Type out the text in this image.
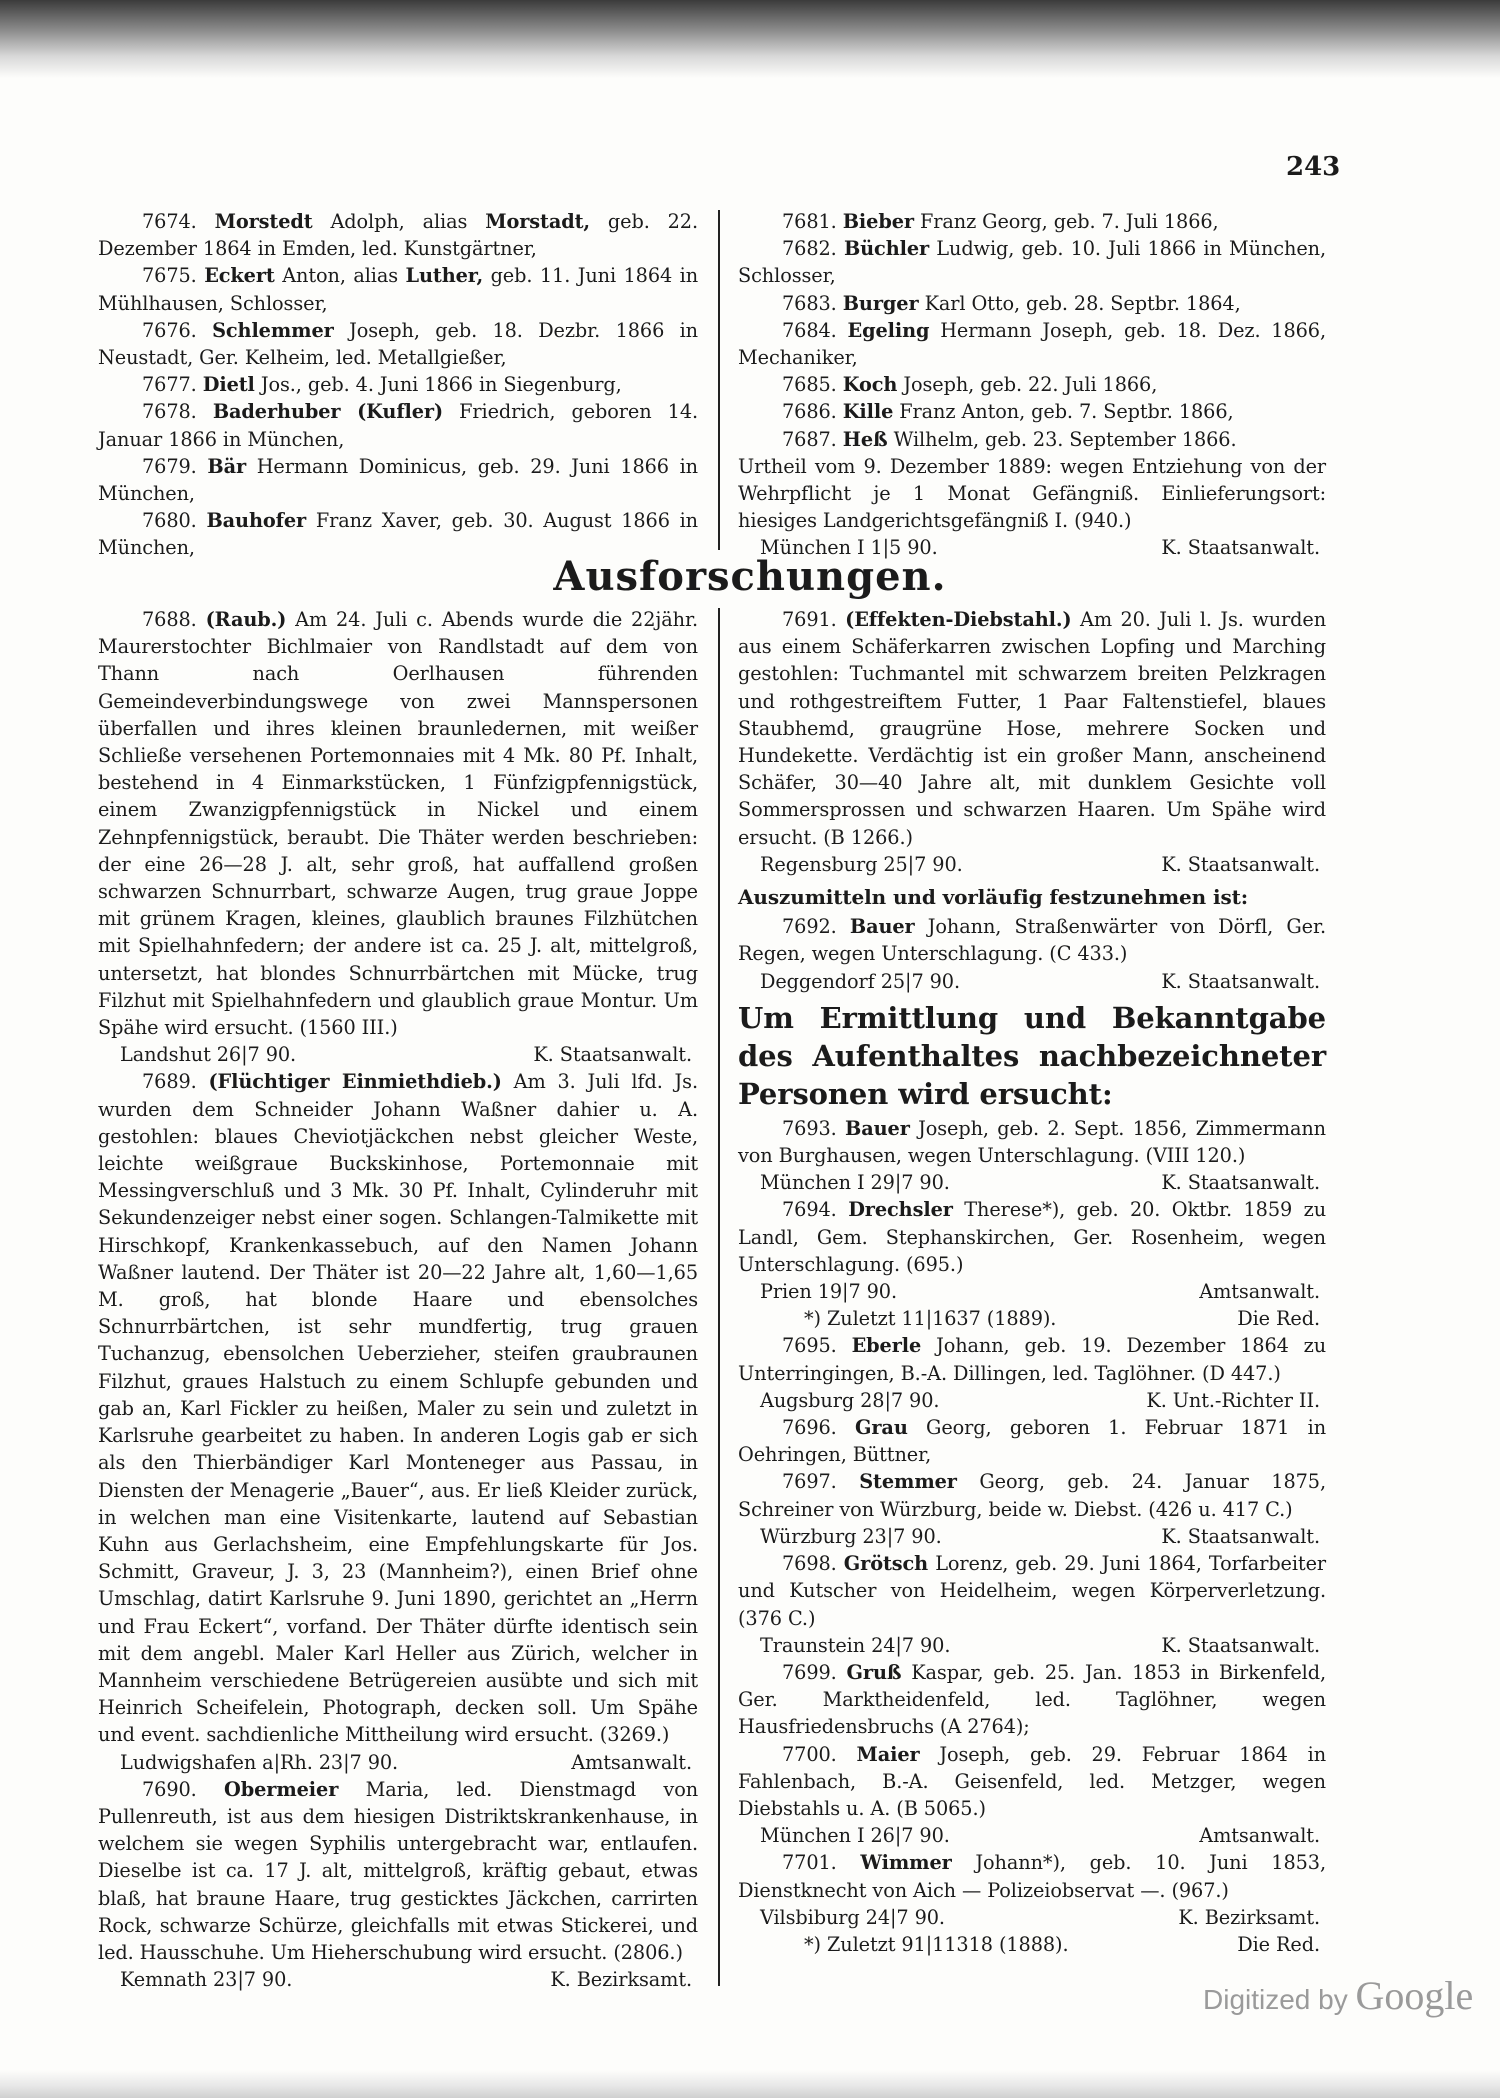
243

7674. Morstedt Adolph, alias Morstadt, geb. 22. Dezember 1864 in Emden, led. Kunstgärtner,

7675. Eckert Anton, alias Luther, geb. 11. Juni 1864 in Mühlhausen, Schlosser,

7676. Schlemmer Joseph, geb. 18. Dezbr. 1866 in Neustadt, Ger. Kelheim, led. Metallgießer,

7677. Dietl Jos., geb. 4. Juni 1866 in Siegenburg,

7678. Baderhuber (Kufler) Friedrich, geboren 14. Januar 1866 in München,

7679. Bär Hermann Dominicus, geb. 29. Juni 1866 in München,

7680. Bauhofer Franz Xaver, geb. 30. August 1866 in München,

7681. Bieber Franz Georg, geb. 7. Juli 1866,

7682. Büchler Ludwig, geb. 10. Juli 1866 in München, Schlosser,

7683. Burger Karl Otto, geb. 28. Septbr. 1864,

7684. Egeling Hermann Joseph, geb. 18. Dez. 1866, Mechaniker,

7685. Koch Joseph, geb. 22. Juli 1866,

7686. Kille Franz Anton, geb. 7. Septbr. 1866,

7687. Heß Wilhelm, geb. 23. September 1866.

Urtheil vom 9. Dezember 1889: wegen Entziehung von der Wehrpflicht je 1 Monat Gefängniß. Einlieferungsort: hiesiges Landgerichtsgefängniß I. (940.)

München I 1|5 90.	K. Staatsanwalt.

Ausforschungen.

7688. (Raub.) Am 24. Juli c. Abends wurde die 22jähr. Maurerstochter Bichlmaier von Randlstadt auf dem von Thann nach Oerlhausen führenden Gemeindeverbindungswege von zwei Mannspersonen überfallen und ihres kleinen braunledernen, mit weißer Schließe versehenen Portemonnaies mit 4 Mk. 80 Pf. Inhalt, bestehend in 4 Einmarkstücken, 1 Fünfzigpfennigstück, einem Zwanzigpfennigstück in Nickel und einem Zehnpfennigstück, beraubt. Die Thäter werden beschrieben: der eine 26—28 J. alt, sehr groß, hat auffallend großen schwarzen Schnurrbart, schwarze Augen, trug graue Joppe mit grünem Kragen, kleines, glaublich braunes Filzhütchen mit Spielhahnfedern; der andere ist ca. 25 J. alt, mittelgroß, untersetzt, hat blondes Schnurrbärtchen mit Mücke, trug Filzhut mit Spielhahnfedern und glaublich graue Montur. Um Spähe wird ersucht. (1560 III.)

Landshut 26|7 90.	K. Staatsanwalt.

7689. (Flüchtiger Einmiethdieb.) Am 3. Juli lfd. Js. wurden dem Schneider Johann Waßner dahier u. A. gestohlen: blaues Cheviotjäckchen nebst gleicher Weste, leichte weißgraue Buckskinhose, Portemonnaie mit Messingverschluß und 3 Mk. 30 Pf. Inhalt, Cylinderuhr mit Sekundenzeiger nebst einer sogen. Schlangen-Talmikette mit Hirschkopf, Krankenkassebuch, auf den Namen Johann Waßner lautend. Der Thäter ist 20—22 Jahre alt, 1,60—1,65 M. groß, hat blonde Haare und ebensolches Schnurrbärtchen, ist sehr mundfertig, trug grauen Tuchanzug, ebensolchen Ueberzieher, steifen graubraunen Filzhut, graues Halstuch zu einem Schlupfe gebunden und gab an, Karl Fickler zu heißen, Maler zu sein und zuletzt in Karlsruhe gearbeitet zu haben. In anderen Logis gab er sich als den Thierbändiger Karl Monteneger aus Passau, in Diensten der Menagerie „Bauer“, aus. Er ließ Kleider zurück, in welchen man eine Visitenkarte, lautend auf Sebastian Kuhn aus Gerlachsheim, eine Empfehlungskarte für Jos. Schmitt, Graveur, J. 3, 23 (Mannheim?), einen Brief ohne Umschlag, datirt Karlsruhe 9. Juni 1890, gerichtet an „Herrn und Frau Eckert“, vorfand. Der Thäter dürfte identisch sein mit dem angebl. Maler Karl Heller aus Zürich, welcher in Mannheim verschiedene Betrügereien ausübte und sich mit Heinrich Scheifelein, Photograph, decken soll. Um Spähe und event. sachdienliche Mittheilung wird ersucht. (3269.)

Ludwigshafen a|Rh. 23|7 90.	Amtsanwalt.

7690. Obermeier Maria, led. Dienstmagd von Pullenreuth, ist aus dem hiesigen Distriktskrankenhause, in welchem sie wegen Syphilis untergebracht war, entlaufen. Dieselbe ist ca. 17 J. alt, mittelgroß, kräftig gebaut, etwas blaß, hat braune Haare, trug gesticktes Jäckchen, carrirten Rock, schwarze Schürze, gleichfalls mit etwas Stickerei, und led. Hausschuhe. Um Hieherschubung wird ersucht. (2806.)

Kemnath 23|7 90.	K. Bezirksamt.

7691. (Effekten-Diebstahl.) Am 20. Juli l. Js. wurden aus einem Schäferkarren zwischen Lopfing und Marching gestohlen: Tuchmantel mit schwarzem breiten Pelzkragen und rothgestreiftem Futter, 1 Paar Faltenstiefel, blaues Staubhemd, graugrüne Hose, mehrere Socken und Hundekette. Verdächtig ist ein großer Mann, anscheinend Schäfer, 30—40 Jahre alt, mit dunklem Gesichte voll Sommersprossen und schwarzen Haaren. Um Spähe wird ersucht. (B 1266.)

Regensburg 25|7 90.	K. Staatsanwalt.

Auszumitteln und vorläufig festzunehmen ist:

7692. Bauer Johann, Straßenwärter von Dörfl, Ger. Regen, wegen Unterschlagung. (C 433.)

Deggendorf 25|7 90.	K. Staatsanwalt.

Um Ermittlung und Bekanntgabe des Aufenthaltes nachbezeichneter Personen wird ersucht:

7693. Bauer Joseph, geb. 2. Sept. 1856, Zimmermann von Burghausen, wegen Unterschlagung. (VIII 120.)

München I 29|7 90.	K. Staatsanwalt.

7694. Drechsler Therese*), geb. 20. Oktbr. 1859 zu Landl, Gem. Stephanskirchen, Ger. Rosenheim, wegen Unterschlagung. (695.)

Prien 19|7 90.	Amtsanwalt.

*) Zuletzt 11|1637 (1889).	Die Red.

7695. Eberle Johann, geb. 19. Dezember 1864 zu Unterringingen, B.-A. Dillingen, led. Taglöhner. (D 447.)

Augsburg 28|7 90.	K. Unt.-Richter II.

7696. Grau Georg, geboren 1. Februar 1871 in Oehringen, Büttner,

7697. Stemmer Georg, geb. 24. Januar 1875, Schreiner von Würzburg, beide w. Diebst. (426 u. 417 C.)

Würzburg 23|7 90.	K. Staatsanwalt.

7698. Grötsch Lorenz, geb. 29. Juni 1864, Torfarbeiter und Kutscher von Heidelheim, wegen Körperverletzung. (376 C.)

Traunstein 24|7 90.	K. Staatsanwalt.

7699. Gruß Kaspar, geb. 25. Jan. 1853 in Birkenfeld, Ger. Marktheidenfeld, led. Taglöhner, wegen Hausfriedensbruchs (A 2764);

7700. Maier Joseph, geb. 29. Februar 1864 in Fahlenbach, B.-A. Geisenfeld, led. Metzger, wegen Diebstahls u. A. (B 5065.)

München I 26|7 90.	Amtsanwalt.

7701. Wimmer Johann*), geb. 10. Juni 1853, Dienstknecht von Aich — Polizeiobservat —. (967.)

Vilsbiburg 24|7 90.	K. Bezirksamt.

*) Zuletzt 91|11318 (1888).	Die Red.

Digitized by Google
